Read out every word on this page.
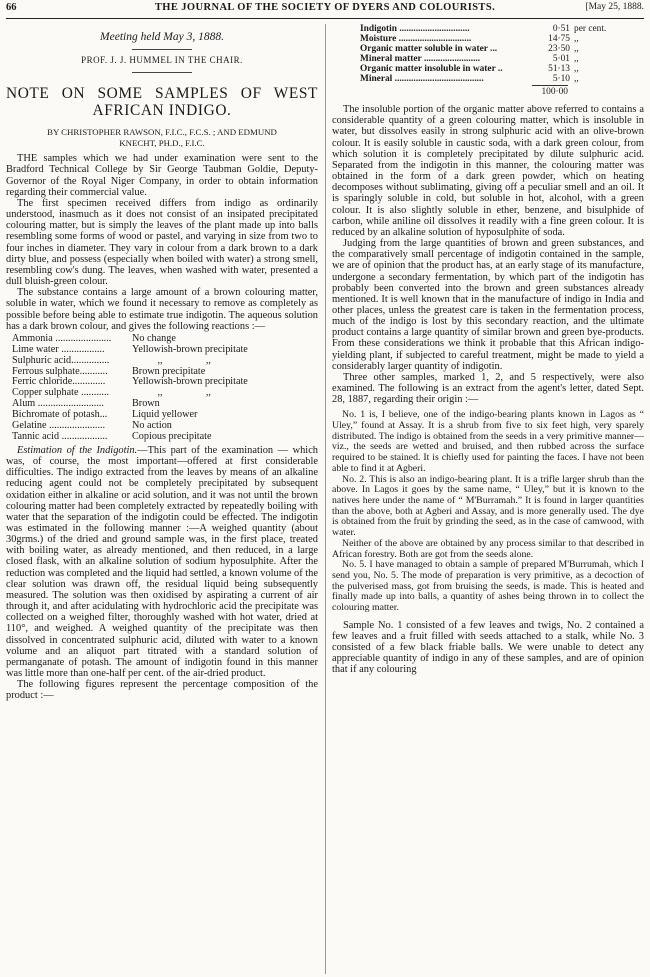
66	THE JOURNAL OF THE SOCIETY OF DYERS AND COLOURISTS.	[May 25, 1888.

Meeting held May 3, 1888.

PROF. J. J. HUMMEL IN THE CHAIR.

NOTE ON SOME SAMPLES OF WEST AFRICAN INDIGO.

BY CHRISTOPHER RAWSON, F.I.C., F.C.S. ; AND EDMUND
KNECHT, PH.D., F.I.C.

THE samples which we had under examination were sent to the Bradford Technical College by Sir George Taubman Goldie, Deputy-Governor of the Royal Niger Company, in order to obtain information regarding their commercial value.

The first specimen received differs from indigo as ordinarily understood, inasmuch as it does not consist of an insipated precipitated colouring matter, but is simply the leaves of the plant made up into balls resembling some forms of wood or pastel, and varying in size from two to four inches in diameter. They vary in colour from a dark brown to a dark dirty blue, and possess (especially when boiled with water) a strong smell, resembling cow's dung. The leaves, when washed with water, presented a dull bluish-green colour.

The substance contains a large amount of a brown colouring matter, soluble in water, which we found it necessary to remove as completely as possible before being able to estimate true indigotin. The aqueous solution has a dark brown colour, and gives the following reactions :—

Ammonia ......................	No change
Lime water .................	Yellowish-brown precipitate
Sulphuric acid...............	,,                 ,,
Ferrous sulphate...........	Brown precipitate
Ferric chloride.............	Yellowish-brown precipitate
Copper sulphate ...........	,,                 ,,
Alum ..........................	Brown
Bichromate of potash...	Liquid yellower
Gelatine ......................	No action
Tannic acid ..................	Copious precipitate

Estimation of the Indigotin.—This part of the examination — which was, of course, the most important—offered at first considerable difficulties. The indigo extracted from the leaves by means of an alkaline reducing agent could not be completely precipitated by subsequent oxidation either in alkaline or acid solution, and it was not until the brown colouring matter had been completely extracted by repeatedly boiling with water that the separation of the indigotin could be effected. The indigotin was estimated in the following manner :—A weighed quantity (about 30grms.) of the dried and ground sample was, in the first place, treated with boiling water, as already mentioned, and then reduced, in a large closed flask, with an alkaline solution of sodium hyposulphite. After the reduction was completed and the liquid had settled, a known volume of the clear solution was drawn off, the residual liquid being subsequently measured. The solution was then oxidised by aspirating a current of air through it, and after acidulating with hydrochloric acid the precipitate was collected on a weighed filter, thoroughly washed with hot water, dried at 110°, and weighed. A weighed quantity of the precipitate was then dissolved in concentrated sulphuric acid, diluted with water to a known volume and an aliquot part titrated with a standard solution of permanganate of potash. The amount of indigotin found in this manner was little more than one-half per cent. of the air-dried product.

The following figures represent the percentage composition of the product :—

Indigotin ..............................	0·51	per cent.
Moisture ...............................	14·75	,,
Organic matter soluble in water ...	23·50	,,
Mineral matter ........................	5·01	,,
Organic matter insoluble in water ..	51·13	,,
Mineral ......................................	5·10	,,
100·00

The insoluble portion of the organic matter above referred to contains a considerable quantity of a green colouring matter, which is insoluble in water, but dissolves easily in strong sulphuric acid with an olive-brown colour. It is easily soluble in caustic soda, with a dark green colour, from which solution it is completely precipitated by dilute sulphuric acid. Separated from the indigotin in this manner, the colouring matter was obtained in the form of a dark green powder, which on heating decomposes without sublimating, giving off a peculiar smell and an oil. It is sparingly soluble in cold, but soluble in hot, alcohol, with a green colour. It is also slightly soluble in ether, benzene, and bisulphide of carbon, while aniline oil dissolves it readily with a fine green colour. It is reduced by an alkaline solution of hyposulphite of soda.

Judging from the large quantities of brown and green substances, and the comparatively small percentage of indigotin contained in the sample, we are of opinion that the product has, at an early stage of its manufacture, undergone a secondary fermentation, by which part of the indigotin has probably been converted into the brown and green substances already mentioned. It is well known that in the manufacture of indigo in India and other places, unless the greatest care is taken in the fermentation process, much of the indigo is lost by this secondary reaction, and the ultimate product contains a large quantity of similar brown and green bye-products. From these considerations we think it probable that this African indigo-yielding plant, if subjected to careful treatment, might be made to yield a considerably larger quantity of indigotin.

Three other samples, marked 1, 2, and 5 respectively, were also examined. The following is an extract from the agent's letter, dated Sept. 28, 1887, regarding their origin :—

No. 1 is, I believe, one of the indigo-bearing plants known in Lagos as “ Uley,” found at Assay. It is a shrub from five to six feet high, very sparely distributed. The indigo is obtained from the seeds in a very primitive manner—viz., the seeds are wetted and bruised, and then rubbed across the surface required to be stained. It is chiefly used for painting the faces. I have not been able to find it at Agberi.

No. 2. This is also an indigo-bearing plant. It is a trifle larger shrub than the above. In Lagos it goes by the same name, “ Uley,” but it is known to the natives here under the name of “ M'Burramah.” It is found in larger quantities than the above, both at Agberi and Assay, and is more generally used. The dye is obtained from the fruit by grinding the seed, as in the case of camwood, with water.

Neither of the above are obtained by any process similar to that described in African forestry. Both are got from the seeds alone.

No. 5. I have managed to obtain a sample of prepared M'Burrumah, which I send you, No. 5. The mode of preparation is very primitive, as a decoction of the pulverised mass, got from bruising the seeds, is made. This is heated and finally made up into balls, a quantity of ashes being thrown in to collect the colouring matter.

Sample No. 1 consisted of a few leaves and twigs, No. 2 contained a few leaves and a fruit filled with seeds attached to a stalk, while No. 3 consisted of a few black friable balls. We were unable to detect any appreciable quantity of indigo in any of these samples, and are of opinion that if any colouring
